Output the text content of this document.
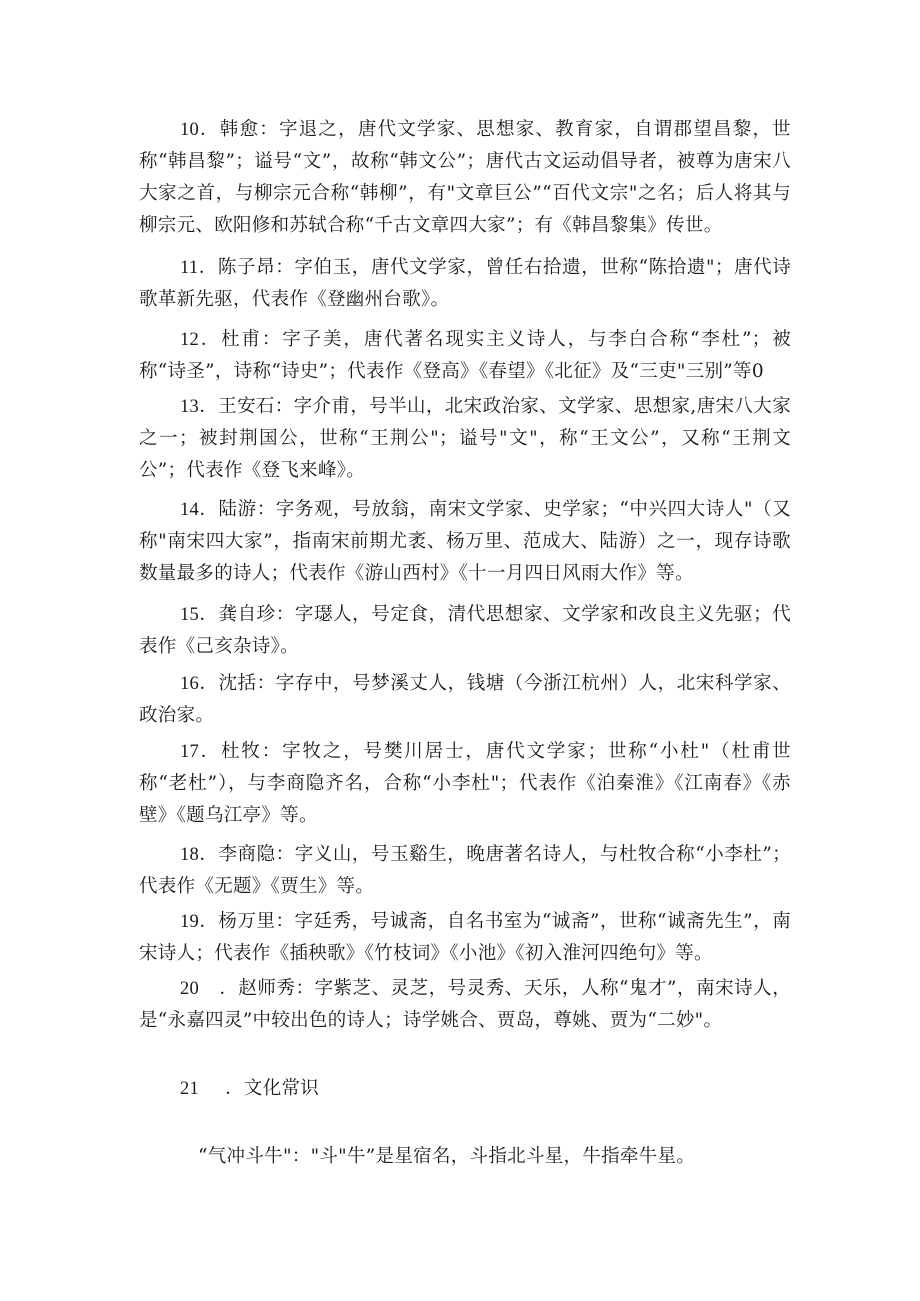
10．韩愈：字退之，唐代文学家、思想家、教育家，自谓郡望昌黎，世称“韩昌黎”；谥号“文”，故称“韩文公”；唐代古文运动倡导者，被尊为唐宋八大家之首，与柳宗元合称“韩柳”，有"文章巨公”“百代文宗"之名；后人将其与柳宗元、欧阳修和苏轼合称“千古文章四大家”；有《韩昌黎集》传世。

11．陈子昂：字伯玉，唐代文学家，曾任右拾遗，世称“陈拾遗"；唐代诗歌革新先驱，代表作《登幽州台歌》。

12．杜甫：字子美，唐代著名现实主义诗人，与李白合称“李杜”；被称“诗圣”，诗称“诗史”；代表作《登高》《春望》《北征》及“三吏"三别”等0

13．王安石：字介甫，号半山，北宋政治家、文学家、思想家,唐宋八大家之一；被封荆国公，世称“王荆公"；谥号"文"，称“王文公”，又称“王荆文公”；代表作《登飞来峰》。

14．陆游：字务观，号放翁，南宋文学家、史学家；“中兴四大诗人"（又称"南宋四大家”，指南宋前期尤袤、杨万里、范成大、陆游）之一，现存诗歌数量最多的诗人；代表作《游山西村》《十一月四日风雨大作》等。

15．龚自珍：字璱人，号定食，清代思想家、文学家和改良主义先驱；代表作《己亥杂诗》。

16．沈括：字存中，号梦溪丈人，钱塘（今浙江杭州）人，北宋科学家、政治家。

17．杜牧：字牧之，号樊川居士，唐代文学家；世称“小杜"（杜甫世称“老杜”），与李商隐齐名，合称“小李杜"；代表作《泊秦淮》《江南春》《赤壁》《题乌江亭》等。

18．李商隐：字义山，号玉谿生，晚唐著名诗人，与杜牧合称“小李杜”；代表作《无题》《贾生》等。

19．杨万里：字廷秀，号诚斋，自名书室为“诚斋”，世称“诚斋先生”，南宋诗人；代表作《插秧歌》《竹枝词》《小池》《初入淮河四绝句》等。

20 ．赵师秀：字紫芝、灵芝，号灵秀、天乐，人称“鬼才”，南宋诗人，是“永嘉四灵”中较出色的诗人；诗学姚合、贾岛，尊姚、贾为“二妙"。

21 ．文化常识

“气冲斗牛"："斗"牛”是星宿名，斗指北斗星，牛指牵牛星。
